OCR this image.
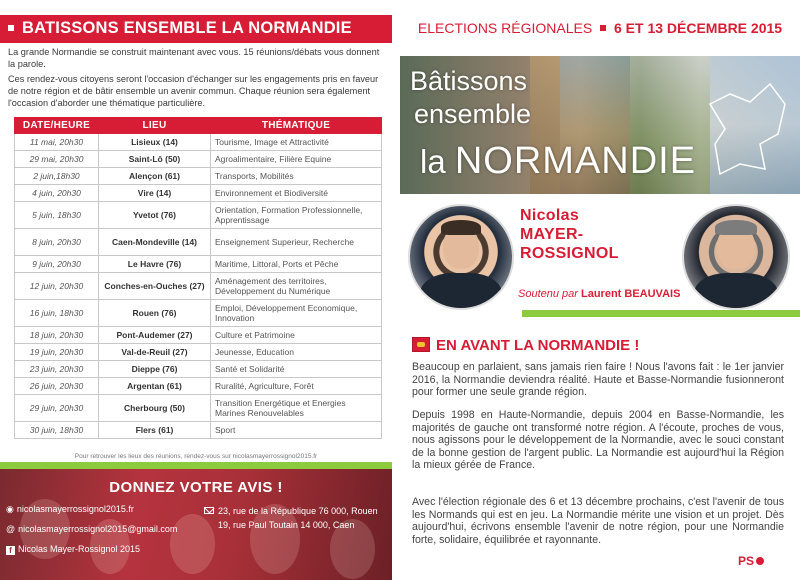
BATISSONS ENSEMBLE LA NORMANDIE

La grande Normandie se construit maintenant avec vous. 15 réunions/débats vous donnent la parole.

Ces rendez-vous citoyens seront l'occasion d'échanger sur les engagements pris en faveur de notre région et de bâtir ensemble un avenir commun. Chaque réunion sera également l'occasion d'aborder une thématique particulière.

DATE/HEURE	LIEU	THÉMATIQUE
11 mai, 20h30	Lisieux (14)	Tourisme, Image et Attractivité
29 mai, 20h30	Saint-Lô (50)	Agroalimentaire, Filière Equine
2 juin,18h30	Alençon (61)	Transports, Mobilités
4 juin, 20h30	Vire (14)	Environnement et Biodiversité
5 juin, 18h30	Yvetot (76)	Orientation, Formation Professionnelle, Apprentissage
8 juin, 20h30	Caen-Mondeville (14)	Enseignement Superieur, Recherche
9 juin, 20h30	Le Havre (76)	Maritime, Littoral, Ports et Pêche
12 juin, 20h30	Conches-en-Ouches (27)	Aménagement des territoires, Développement du Numérique
16 juin, 18h30	Rouen (76)	Emploi, Développement Economique, Innovation
18 juin, 20h30	Pont-Audemer (27)	Culture et Patrimoine
19 juin, 20h30	Val-de-Reuil (27)	Jeunesse, Education
23 juin, 20h30	Dieppe (76)	Santé et Solidarité
26 juin, 20h30	Argentan (61)	Ruralité, Agriculture, Forêt
29 juin, 20h30	Cherbourg (50)	Transition Energétique et Energies Marines Renouvelables
30 juin, 18h30	Flers (61)	Sport
Pour retrouver les lieux des réunions, rendez-vous sur nicolasmayerrossignol2015.fr
DONNEZ VOTRE AVIS !
◉ nicolasmayerrossignol2015.fr
@ nicolasmayerrossignol2015@gmail.com
f Nicolas Mayer-Rossignol 2015
23, rue de la République 76 000, Rouen
19, rue Paul Toutain 14 000, Caen
ELECTIONS RÉGIONALES 6 ET 13 DÉCEMBRE 2015
Bâtissons
ensemble
la NORMANDIE
Nicolas
MAYER-
ROSSIGNOL
Soutenu par Laurent BEAUVAIS
EN AVANT LA NORMANDIE !

Beaucoup en parlaient, sans jamais rien faire ! Nous l'avons fait : le 1er janvier 2016, la Normandie deviendra réalité. Haute et Basse-Normandie fusionneront pour former une seule grande région.

Depuis 1998 en Haute-Normandie, depuis 2004 en Basse-Normandie, les majorités de gauche ont transformé notre région. A l'écoute, proches de vous, nous agissons pour le développement de la Normandie, avec le souci constant de la bonne gestion de l'argent public. La Normandie est aujourd'hui la Région la mieux gérée de France.

Avec l'élection régionale des 6 et 13 décembre prochains, c'est l'avenir de tous les Normands qui est en jeu. La Normandie mérite une vision et un projet. Dès aujourd'hui, écrivons ensemble l'avenir de notre région, pour une Normandie forte, solidaire, équilibrée et rayonnante.

PS
